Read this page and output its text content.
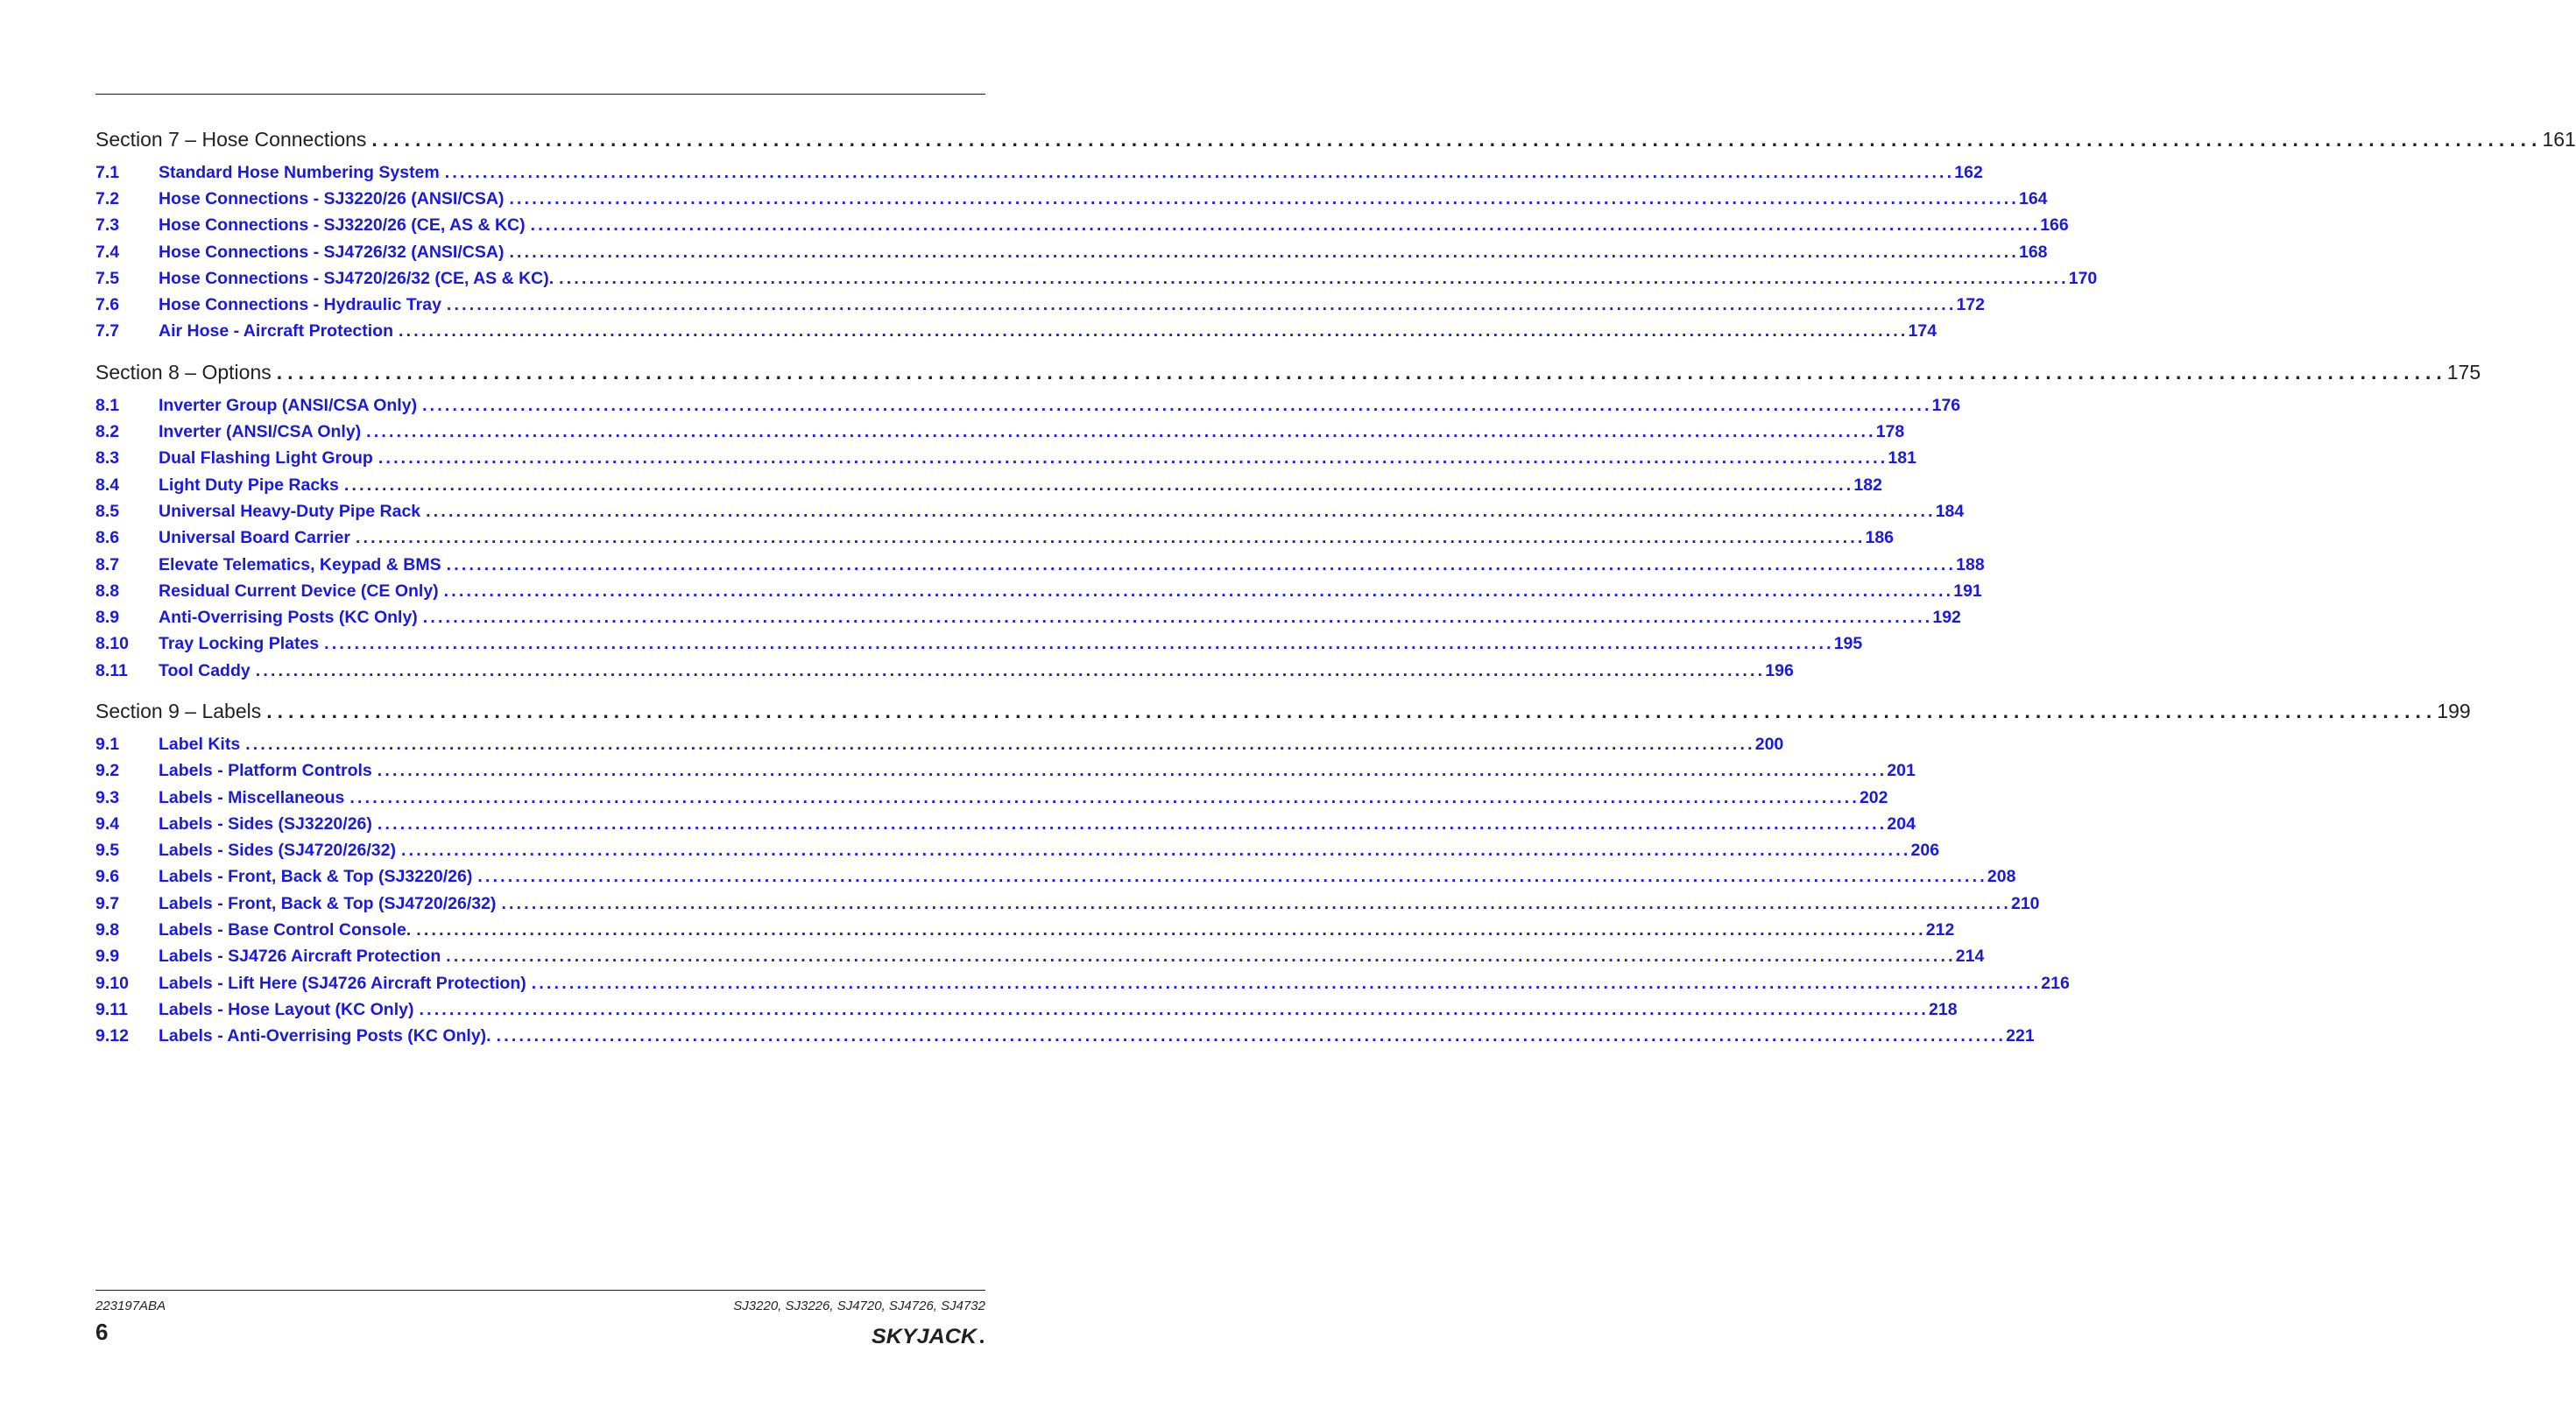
Section 7 – Hose Connections ........................................................................................................................................................................................................ 161
7.1	Standard Hose Numbering System ........................................................................................................................................................................................................ 162
7.2	Hose Connections - SJ3220/26 (ANSI/CSA) ........................................................................................................................................................................................................ 164
7.3	Hose Connections - SJ3220/26 (CE, AS & KC) ........................................................................................................................................................................................................ 166
7.4	Hose Connections - SJ4726/32 (ANSI/CSA) ........................................................................................................................................................................................................ 168
7.5	Hose Connections - SJ4720/26/32 (CE, AS & KC). ........................................................................................................................................................................................................ 170
7.6	Hose Connections - Hydraulic Tray ........................................................................................................................................................................................................ 172
7.7	Air Hose - Aircraft Protection ........................................................................................................................................................................................................ 174
Section 8 – Options ........................................................................................................................................................................................................ 175
8.1	Inverter Group (ANSI/CSA Only) ........................................................................................................................................................................................................ 176
8.2	Inverter (ANSI/CSA Only) ........................................................................................................................................................................................................ 178
8.3	Dual Flashing Light Group ........................................................................................................................................................................................................ 181
8.4	Light Duty Pipe Racks ........................................................................................................................................................................................................ 182
8.5	Universal Heavy-Duty Pipe Rack ........................................................................................................................................................................................................ 184
8.6	Universal Board Carrier ........................................................................................................................................................................................................ 186
8.7	Elevate Telematics, Keypad & BMS ........................................................................................................................................................................................................ 188
8.8	Residual Current Device (CE Only) ........................................................................................................................................................................................................ 191
8.9	Anti-Overrising Posts (KC Only) ........................................................................................................................................................................................................ 192
8.10	Tray Locking Plates ........................................................................................................................................................................................................ 195
8.11	Tool Caddy ........................................................................................................................................................................................................ 196
Section 9 – Labels ........................................................................................................................................................................................................ 199
9.1	Label Kits ........................................................................................................................................................................................................ 200
9.2	Labels - Platform Controls ........................................................................................................................................................................................................ 201
9.3	Labels - Miscellaneous ........................................................................................................................................................................................................ 202
9.4	Labels - Sides (SJ3220/26) ........................................................................................................................................................................................................ 204
9.5	Labels - Sides (SJ4720/26/32) ........................................................................................................................................................................................................ 206
9.6	Labels - Front, Back & Top (SJ3220/26) ........................................................................................................................................................................................................ 208
9.7	Labels - Front, Back & Top (SJ4720/26/32) ........................................................................................................................................................................................................ 210
9.8	Labels - Base Control Console. ........................................................................................................................................................................................................ 212
9.9	Labels - SJ4726 Aircraft Protection ........................................................................................................................................................................................................ 214
9.10	Labels - Lift Here (SJ4726 Aircraft Protection) ........................................................................................................................................................................................................ 216
9.11	Labels - Hose Layout (KC Only) ........................................................................................................................................................................................................ 218
9.12	Labels - Anti-Overrising Posts (KC Only). ........................................................................................................................................................................................................ 221
223197ABA	SJ3220, SJ3226, SJ4720, SJ4726, SJ4732
6	SKYJACK
